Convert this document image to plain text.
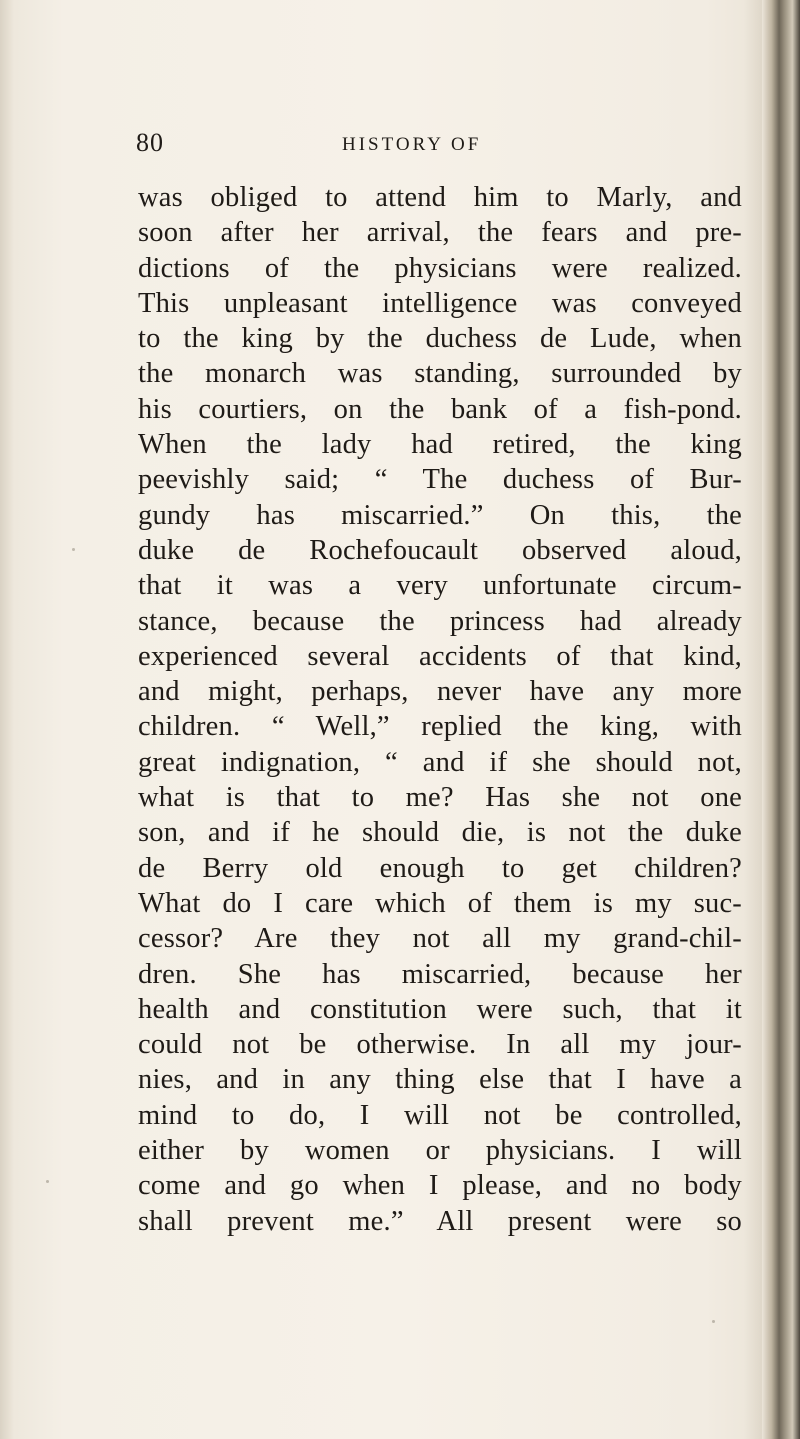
80	HISTORY OF
was obliged to attend him to Marly, and
soon after her arrival, the fears and pre-
dictions of the physicians were realized.
This unpleasant intelligence was conveyed
to the king by the duchess de Lude, when
the monarch was standing, surrounded by
his courtiers, on the bank of a fish-pond.
When the lady had retired, the king
peevishly said; “ The duchess of Bur-
gundy has miscarried.” On this, the
duke de Rochefoucault observed aloud,
that it was a very unfortunate circum-
stance, because the princess had already
experienced several accidents of that kind,
and might, perhaps, never have any more
children. “ Well,” replied the king, with
great indignation, “ and if she should not,
what is that to me? Has she not one
son, and if he should die, is not the duke
de Berry old enough to get children?
What do I care which of them is my suc-
cessor? Are they not all my grand-chil-
dren. She has miscarried, because her
health and constitution were such, that it
could not be otherwise. In all my jour-
nies, and in any thing else that I have a
mind to do, I will not be controlled,
either by women or physicians. I will
come and go when I please, and no body
shall prevent me.” All present were so
